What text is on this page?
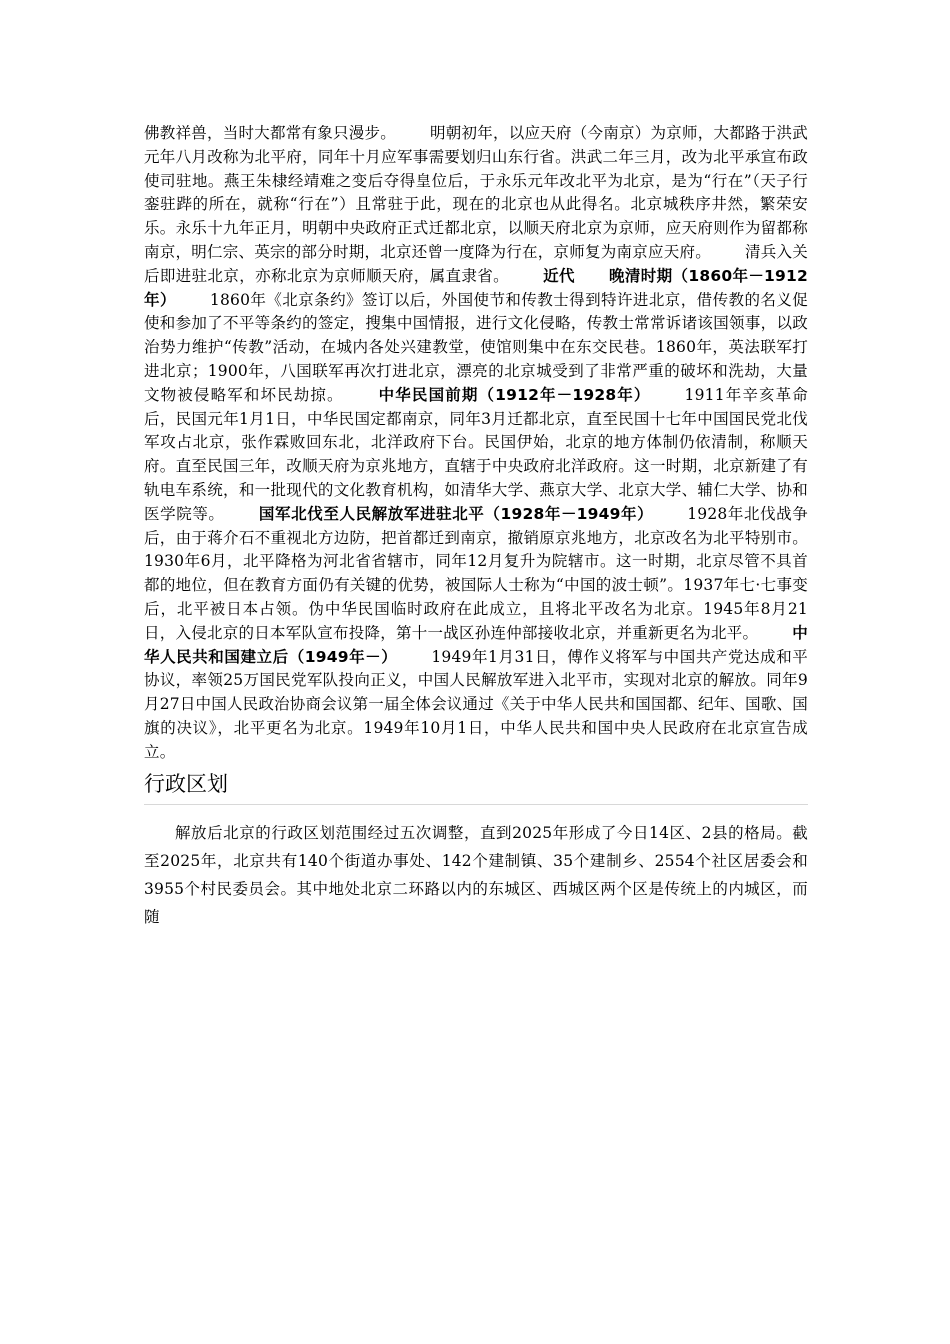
佛教祥兽，当时大都常有象只漫步。 明朝初年，以应天府（今南京）为京师，大都路于洪武元年八月改称为北平府，同年十月应军事需要划归山东行省。洪武二年三月，改为北平承宣布政使司驻地。燕王朱棣经靖难之变后夺得皇位后，于永乐元年改北平为北京，是为“行在”（天子行銮驻跸的所在，就称“行在”）且常驻于此，现在的北京也从此得名。北京城秩序井然，繁荣安乐。永乐十九年正月，明朝中央政府正式迁都北京，以顺天府北京为京师，应天府则作为留都称南京，明仁宗、英宗的部分时期，北京还曾一度降为行在，京师复为南京应天府。 清兵入关后即进驻北京，亦称北京为京师顺天府，属直隶省。 近代 晚清时期（1860年－1912年） 1860年《北京条约》签订以后，外国使节和传教士得到特许进北京，借传教的名义促使和参加了不平等条约的签定，搜集中国情报，进行文化侵略，传教士常常诉诸该国领事，以政治势力维护“传教”活动，在城内各处兴建教堂，使馆则集中在东交民巷。1860年，英法联军打进北京；1900年，八国联军再次打进北京，漂亮的北京城受到了非常严重的破坏和洗劫，大量文物被侵略军和坏民劫掠。 中华民国前期（1912年－1928年） 1911年辛亥革命后，民国元年1月1日，中华民国定都南京，同年3月迁都北京，直至民国十七年中国国民党北伐军攻占北京，张作霖败回东北，北洋政府下台。民国伊始，北京的地方体制仍依清制，称顺天府。直至民国三年，改顺天府为京兆地方，直辖于中央政府北洋政府。这一时期，北京新建了有轨电车系统，和一批现代的文化教育机构，如清华大学、燕京大学、北京大学、辅仁大学、协和医学院等。 国军北伐至人民解放军进驻北平（1928年－1949年） 1928年北伐战争后，由于蒋介石不重视北方边防，把首都迁到南京，撤销原京兆地方，北京改名为北平特别市。1930年6月，北平降格为河北省省辖市，同年12月复升为院辖市。这一时期，北京尽管不具首都的地位，但在教育方面仍有关键的优势，被国际人士称为“中国的波士顿”。1937年七·七事变后，北平被日本占领。伪中华民国临时政府在此成立，且将北平改名为北京。1945年8月21日，入侵北京的日本军队宣布投降，第十一战区孙连仲部接收北京，并重新更名为北平。 中华人民共和国建立后（1949年－） 1949年1月31日，傅作义将军与中国共产党达成和平协议，率领25万国民党军队投向正义，中国人民解放军进入北平市，实现对北京的解放。同年9月27日中国人民政治协商会议第一届全体会议通过《关于中华人民共和国国都、纪年、国歌、国旗的决议》，北平更名为北京。1949年10月1日，中华人民共和国中央人民政府在北京宣告成立。

行政区划

解放后北京的行政区划范围经过五次调整，直到2025年形成了今日14区、2县的格局。截至2025年，北京共有140个街道办事处、142个建制镇、35个建制乡、2554个社区居委会和3955个村民委员会。其中地处北京二环路以内的东城区、西城区两个区是传统上的内城区，而随
